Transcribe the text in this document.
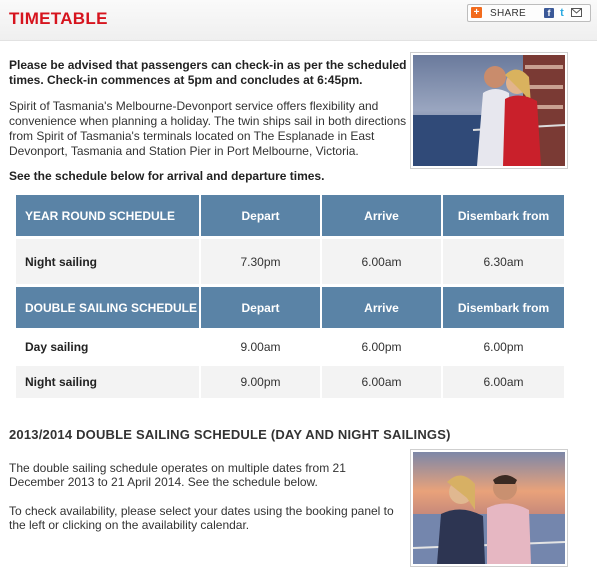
TIMETABLE	+ SHARE	f t
Please be advised that passengers can check-in as per the scheduled times. Check-in commences at 5pm and concludes at 6:45pm.
Spirit of Tasmania's Melbourne-Devonport service offers flexibility and convenience when planning a holiday. The twin ships sail in both directions from Spirit of Tasmania's terminals located on The Esplanade in East Devonport, Tasmania and Station Pier in Port Melbourne, Victoria.
See the schedule below for arrival and departure times.
YEAR ROUND SCHEDULE	Depart	Arrive	Disembark from
Night sailing	7.30pm	6.00am	6.30am
DOUBLE SAILING SCHEDULE	Depart	Arrive	Disembark from
Day sailing	9.00am	6.00pm	6.00pm
Night sailing	9.00pm	6.00am	6.00am
2013/2014 DOUBLE SAILING SCHEDULE (DAY AND NIGHT SAILINGS)
The double sailing schedule operates on multiple dates from 21 December 2013 to 21 April 2014. See the schedule below.
To check availability, please select your dates using the booking panel to the left or clicking on the availability calendar.
